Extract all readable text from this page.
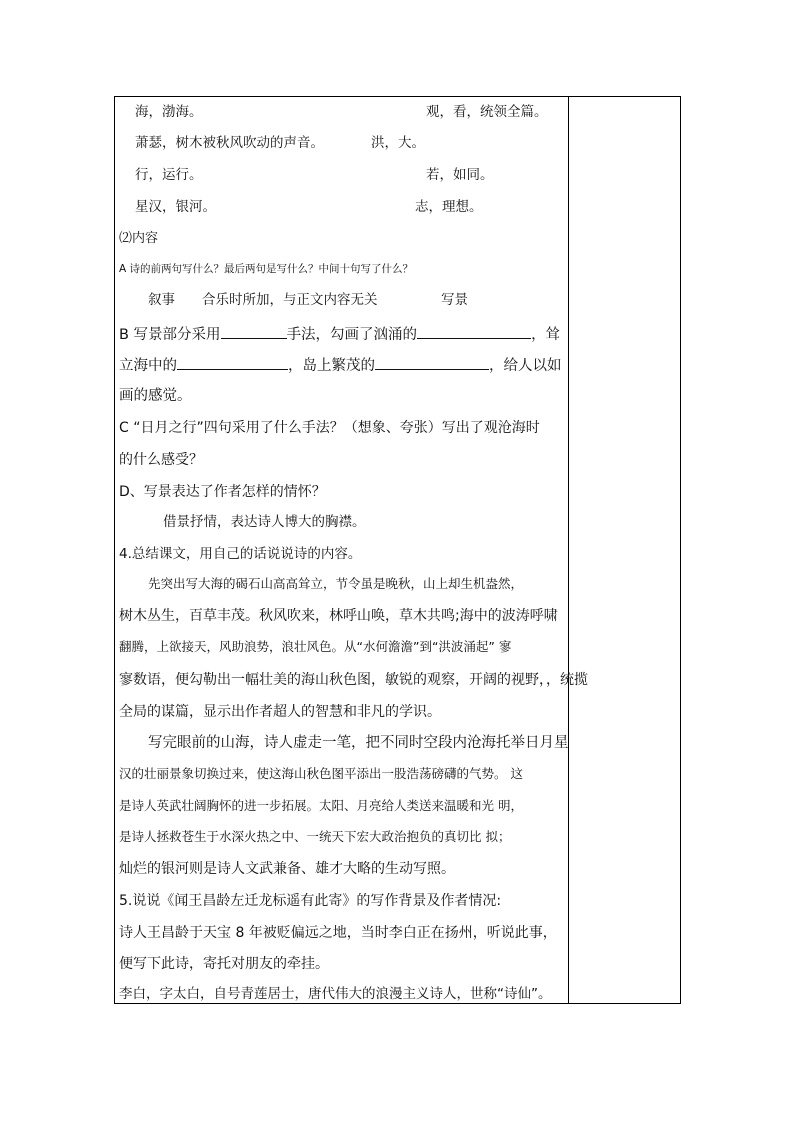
海，渤海。	观，看，统领全篇。
萧瑟，树木被秋风吹动的声音。	洪，大。
行，运行。	若，如同。
星汉，银河。	志，理想。
⑵内容
A 诗的前两句写什么？最后两句是写什么？中间十句写了什么？
叙事 合乐时所加，与正文内容无关	写景
B 写景部分采用	手法，勾画了汹涌的	，耸
立海中的	，岛上繁茂的	，给人以如
画的感觉。
C “日月之行”四句采用了什么手法？（想象、夸张）写出了观沧海时
的什么感受？
D、写景表达了作者怎样的情怀？
借景抒情，表达诗人博大的胸襟。
4.总结课文，用自己的话说说诗的内容。
先突出写大海的碣石山高高耸立，节令虽是晚秋，山上却生机盎然，
树木丛生，百草丰茂。秋风吹来，林呼山唤，草木共鸣;海中的波涛呼啸
翻腾，上欲接天，风助浪势，浪壮风色。从“水何澹澹”到“洪波涌起” 寥
寥数语，便勾勒出一幅壮美的海山秋色图，敏锐的观察，开阔的视野，，统揽
全局的谋篇，显示出作者超人的智慧和非凡的学识。
写完眼前的山海，诗人虚走一笔，把不同时空段内沧海托举日月星
汉的壮丽景象切换过来，使这海山秋色图平添出一股浩荡磅礴的气势。 这
是诗人英武壮阔胸怀的进一步拓展。太阳、月亮给人类送来温暖和光 明，
是诗人拯救苍生于水深火热之中、一统天下宏大政治抱负的真切比 拟；
灿烂的银河则是诗人文武兼备、雄才大略的生动写照。
5.说说《闻王昌龄左迁龙标遥有此寄》的写作背景及作者情况:
诗人王昌龄于天宝 8 年被贬偏远之地，当时李白正在扬州，听说此事，
便写下此诗，寄托对朋友的牵挂。
李白，字太白，自号青莲居士，唐代伟大的浪漫主义诗人，世称“诗仙”。
